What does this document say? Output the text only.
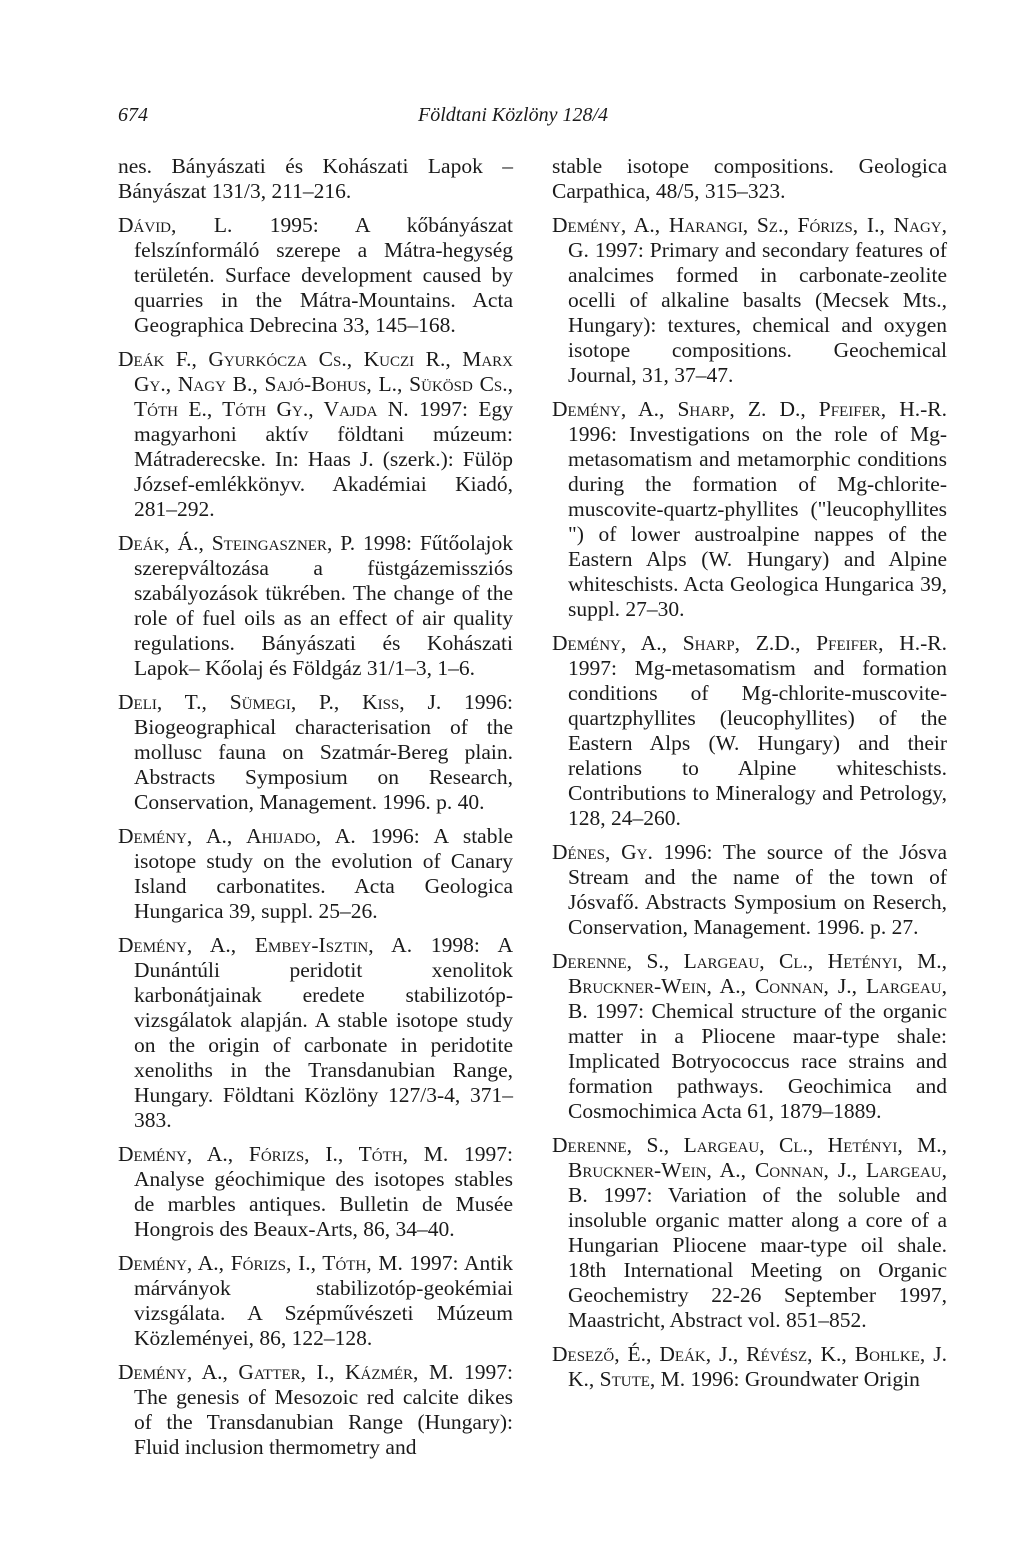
674	Földtani Közlöny 128/4

nes. Bányászati és Kohászati Lapok – Bányászat 131/3, 211–216.

Dávid, L. 1995: A kőbányászat felszínformáló szerepe a Mátra-hegység területén. Surface development caused by quarries in the Mátra-Mountains. Acta Geographica Debrecina 33, 145–168.

Deák F., Gyurkócza Cs., Kuczi R., Marx Gy., Nagy B., Sajó-Bohus, L., Sükösd Cs., Tóth E., Tóth Gy., Vajda N. 1997: Egy magyarhoni aktív földtani múzeum: Mátraderecske. In: Haas J. (szerk.): Fülöp József-emlékkönyv. Akadémiai Kiadó, 281–292.

Deák, Á., Steingaszner, P. 1998: Fűtőolajok szerepváltozása a füstgázemissziós szabályozások tükrében. The change of the role of fuel oils as an effect of air quality regulations. Bányászati és Kohászati Lapok– Kőolaj és Földgáz 31/1–3, 1–6.

Deli, T., Sümegi, P., Kiss, J. 1996: Biogeographical characterisation of the mollusc fauna on Szatmár-Bereg plain. Abstracts Symposium on Research, Conservation, Management. 1996. p. 40.

Demény, A., Ahijado, A. 1996: A stable isotope study on the evolution of Canary Island carbonatites. Acta Geologica Hungarica 39, suppl. 25–26.

Demény, A., Embey-Isztin, A. 1998: A Dunántúli peridotit xenolitok karbonátjainak eredete stabilizotóp-vizsgálatok alapján. A stable isotope study on the origin of carbonate in peridotite xenoliths in the Transdanubian Range, Hungary. Földtani Közlöny 127/3-4, 371–383.

Demény, A., Fórizs, I., Tóth, M. 1997: Analyse géochimique des isotopes stables de marbles antiques. Bulletin de Musée Hongrois des Beaux-Arts, 86, 34–40.

Demény, A., Fórizs, I., Tóth, M. 1997: Antik márványok stabilizotóp-geokémiai vizsgálata. A Szépművészeti Múzeum Közleményei, 86, 122–128.

Demény, A., Gatter, I., Kázmér, M. 1997: The genesis of Mesozoic red calcite dikes of the Transdanubian Range (Hungary): Fluid inclusion thermometry and

stable isotope compositions. Geologica Carpathica, 48/5, 315–323.

Demény, A., Harangi, Sz., Fórizs, I., Nagy, G. 1997: Primary and secondary features of analcimes formed in carbonate-zeolite ocelli of alkaline basalts (Mecsek Mts., Hungary): textures, chemical and oxygen isotope compositions. Geochemical Journal, 31, 37–47.

Demény, A., Sharp, Z. D., Pfeifer, H.-R. 1996: Investigations on the role of Mg-metasomatism and metamorphic conditions during the formation of Mg-chlorite-muscovite-quartz-phyllites ("leucophyllites ") of lower austroalpine nappes of the Eastern Alps (W. Hungary) and Alpine whiteschists. Acta Geologica Hungarica 39, suppl. 27–30.

Demény, A., Sharp, Z.D., Pfeifer, H.-R. 1997: Mg-metasomatism and formation conditions of Mg-chlorite-muscovite-quartzphyllites (leucophyllites) of the Eastern Alps (W. Hungary) and their relations to Alpine whiteschists. Contributions to Mineralogy and Petrology, 128, 24–260.

Dénes, Gy. 1996: The source of the Jósva Stream and the name of the town of Jósvafő. Abstracts Symposium on Reserch, Conservation, Management. 1996. p. 27.

Derenne, S., Largeau, Cl., Hetényi, M., Bruckner-Wein, A., Connan, J., Largeau, B. 1997: Chemical structure of the organic matter in a Pliocene maar-type shale: Implicated Botryococcus race strains and formation pathways. Geochimica and Cosmochimica Acta 61, 1879–1889.

Derenne, S., Largeau, Cl., Hetényi, M., Bruckner-Wein, A., Connan, J., Largeau, B. 1997: Variation of the soluble and insoluble organic matter along a core of a Hungarian Pliocene maar-type oil shale. 18th International Meeting on Organic Geochemistry 22-26 September 1997, Maastricht, Abstract vol. 851–852.

Desező, É., Deák, J., Révész, K., Bohlke, J. K., Stute, M. 1996: Groundwater Origin
